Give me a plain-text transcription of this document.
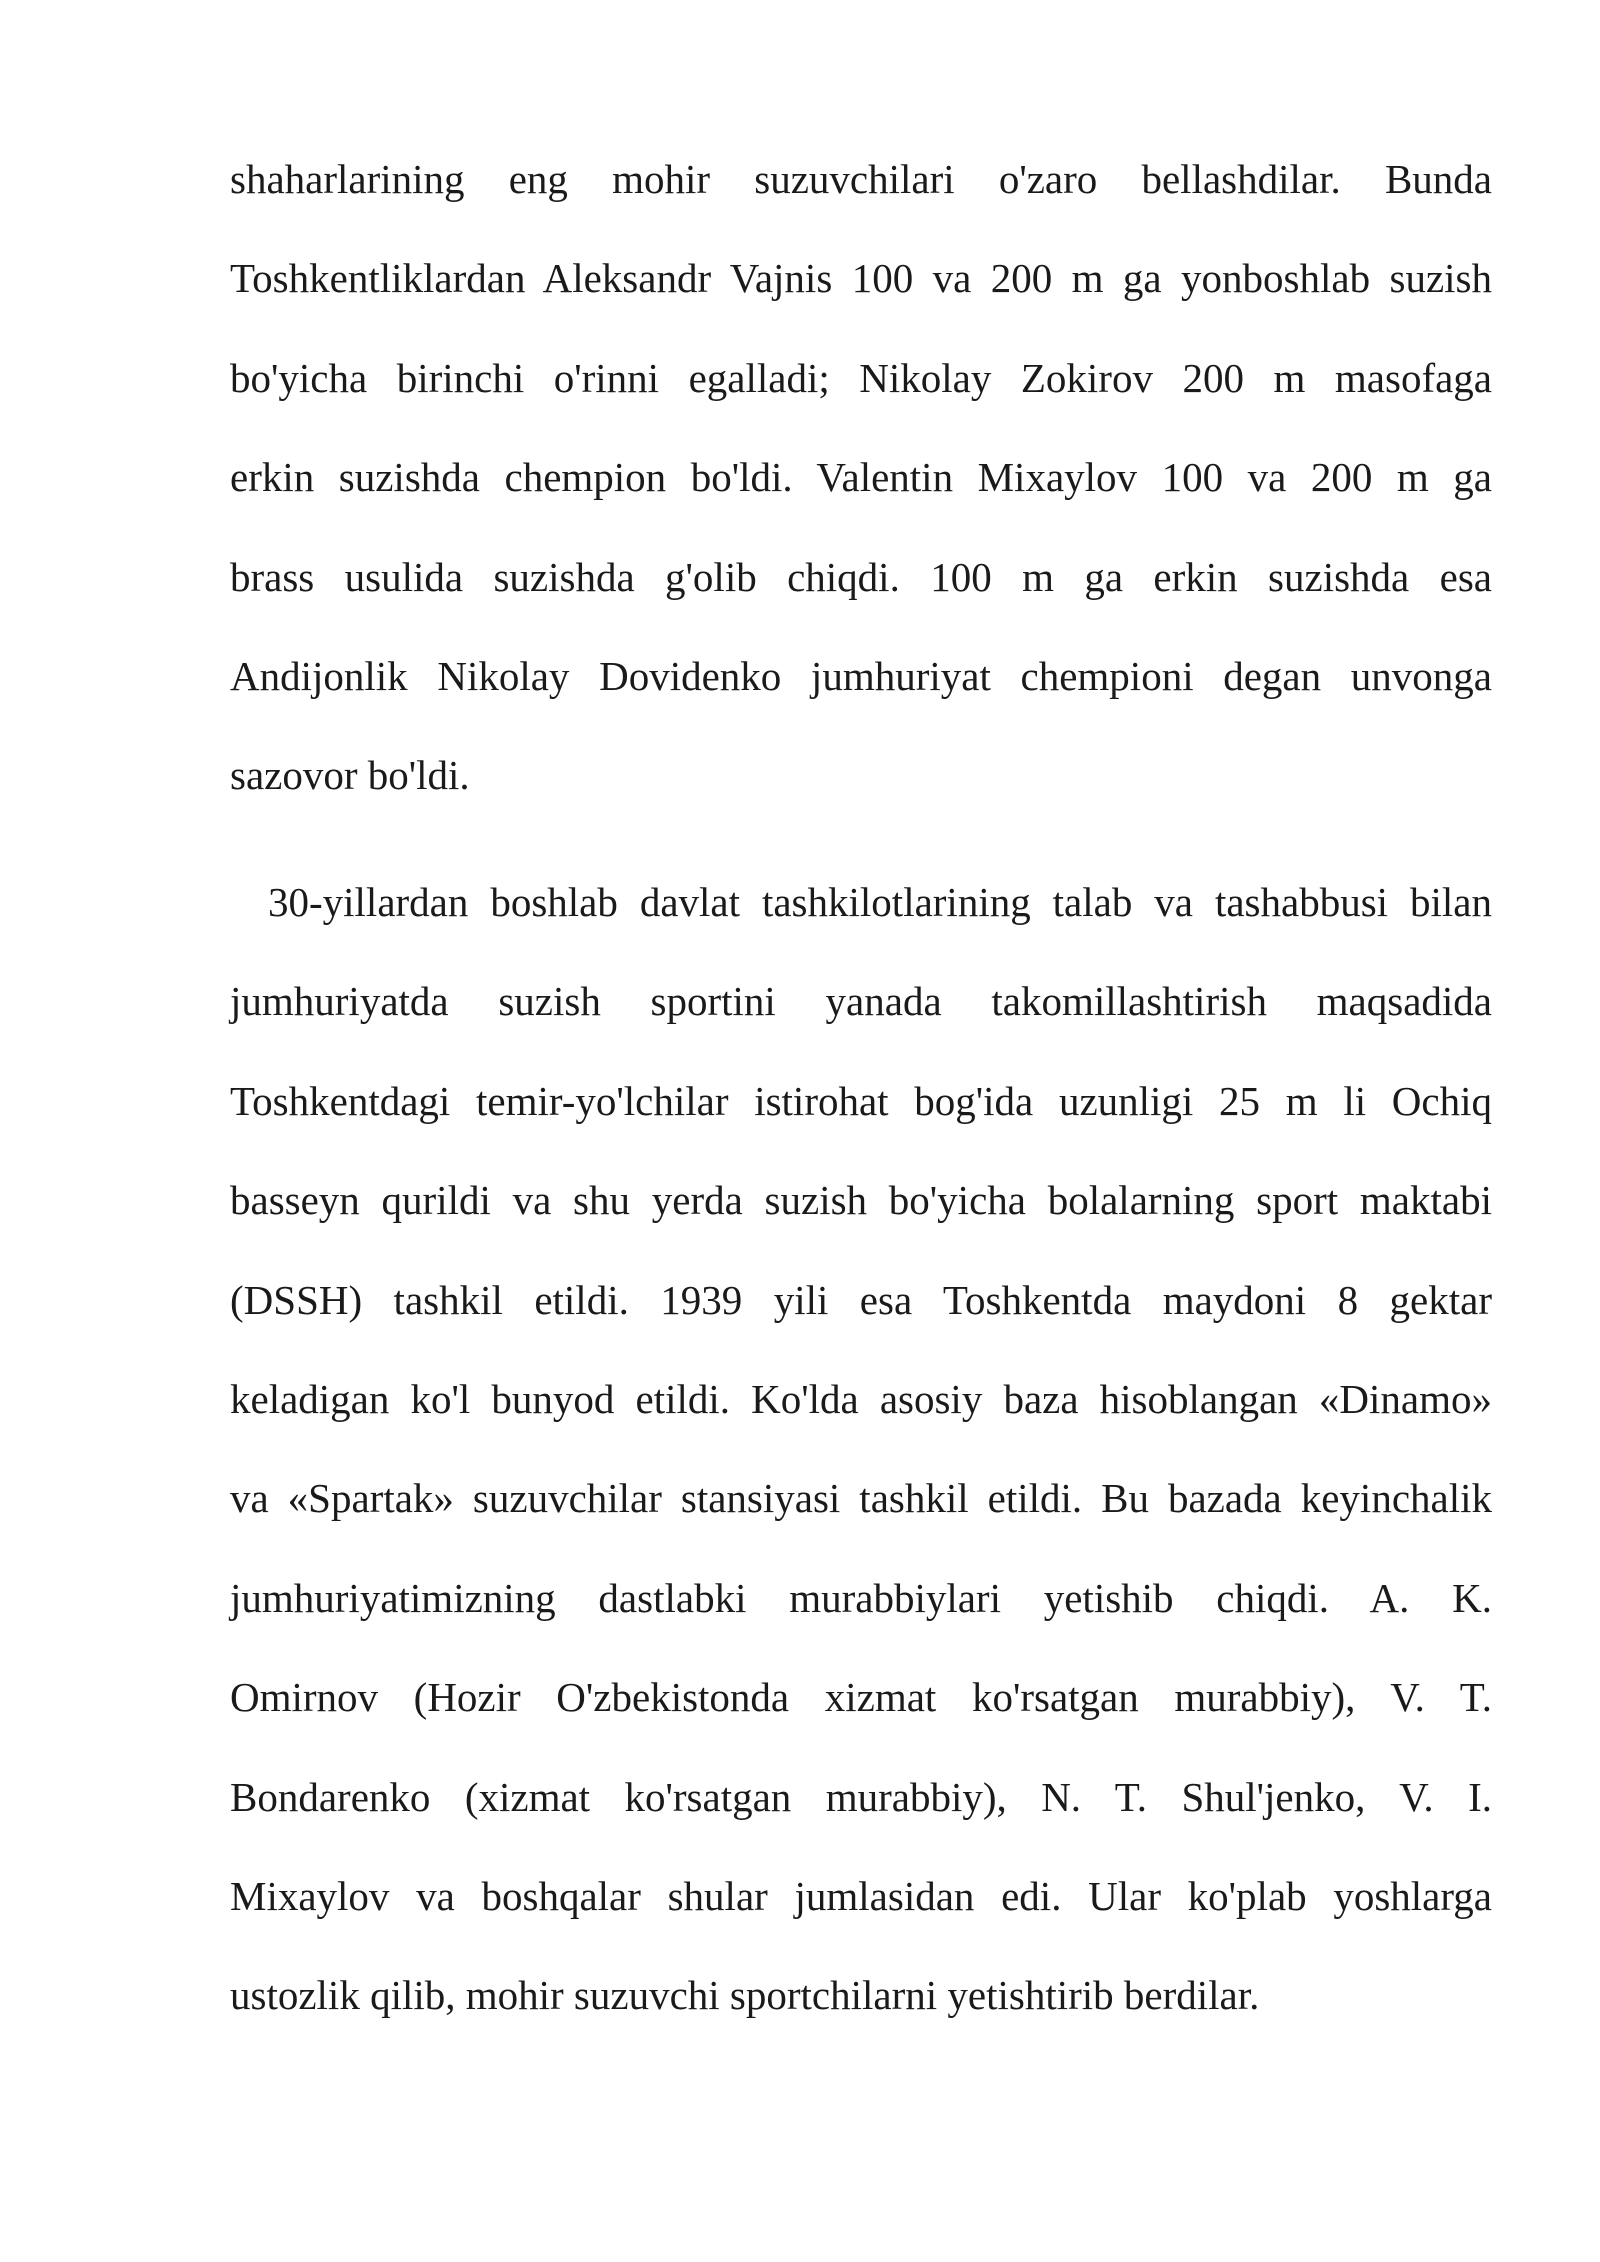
shaharlarining eng mohir suzuvchilari o'zaro bellashdilar. Bunda
Toshkentliklardan Aleksandr Vajnis 100 va 200 m ga yonboshlab suzish
bo'yicha birinchi o'rinni egalladi; Nikolay Zokirov 200 m masofaga
erkin suzishda chempion bo'ldi. Valentin Mixaylov 100 va 200 m ga
brass usulida suzishda g'olib chiqdi. 100 m ga erkin suzishda esa
Andijonlik Nikolay Dovidenko jumhuriyat chempioni degan unvonga
sazovor bo'ldi.
30-yillardan boshlab davlat tashkilotlarining talab va tashabbusi bilan
jumhuriyatda suzish sportini yanada takomillashtirish maqsadida
Toshkentdagi temir-yo'lchilar istirohat bog'ida uzunligi 25 m li Ochiq
basseyn qurildi va shu yerda suzish bo'yicha bolalarning sport maktabi
(DSSH) tashkil etildi. 1939 yili esa Toshkentda maydoni 8 gektar
keladigan ko'l bunyod etildi. Ko'lda asosiy baza hisoblangan «Dinamo»
va «Spartak» suzuvchilar stansiyasi tashkil etildi. Bu bazada keyinchalik
jumhuriyatimizning dastlabki murabbiylari yetishib chiqdi. A. K.
Omirnov (Hozir O'zbekistonda xizmat ko'rsatgan murabbiy), V. T.
Bondarenko (xizmat ko'rsatgan murabbiy), N. T. Shul'jenko, V. I.
Mixaylov va boshqalar shular jumlasidan edi. Ular ko'plab yoshlarga
ustozlik qilib, mohir suzuvchi sportchilarni yetishtirib berdilar.
